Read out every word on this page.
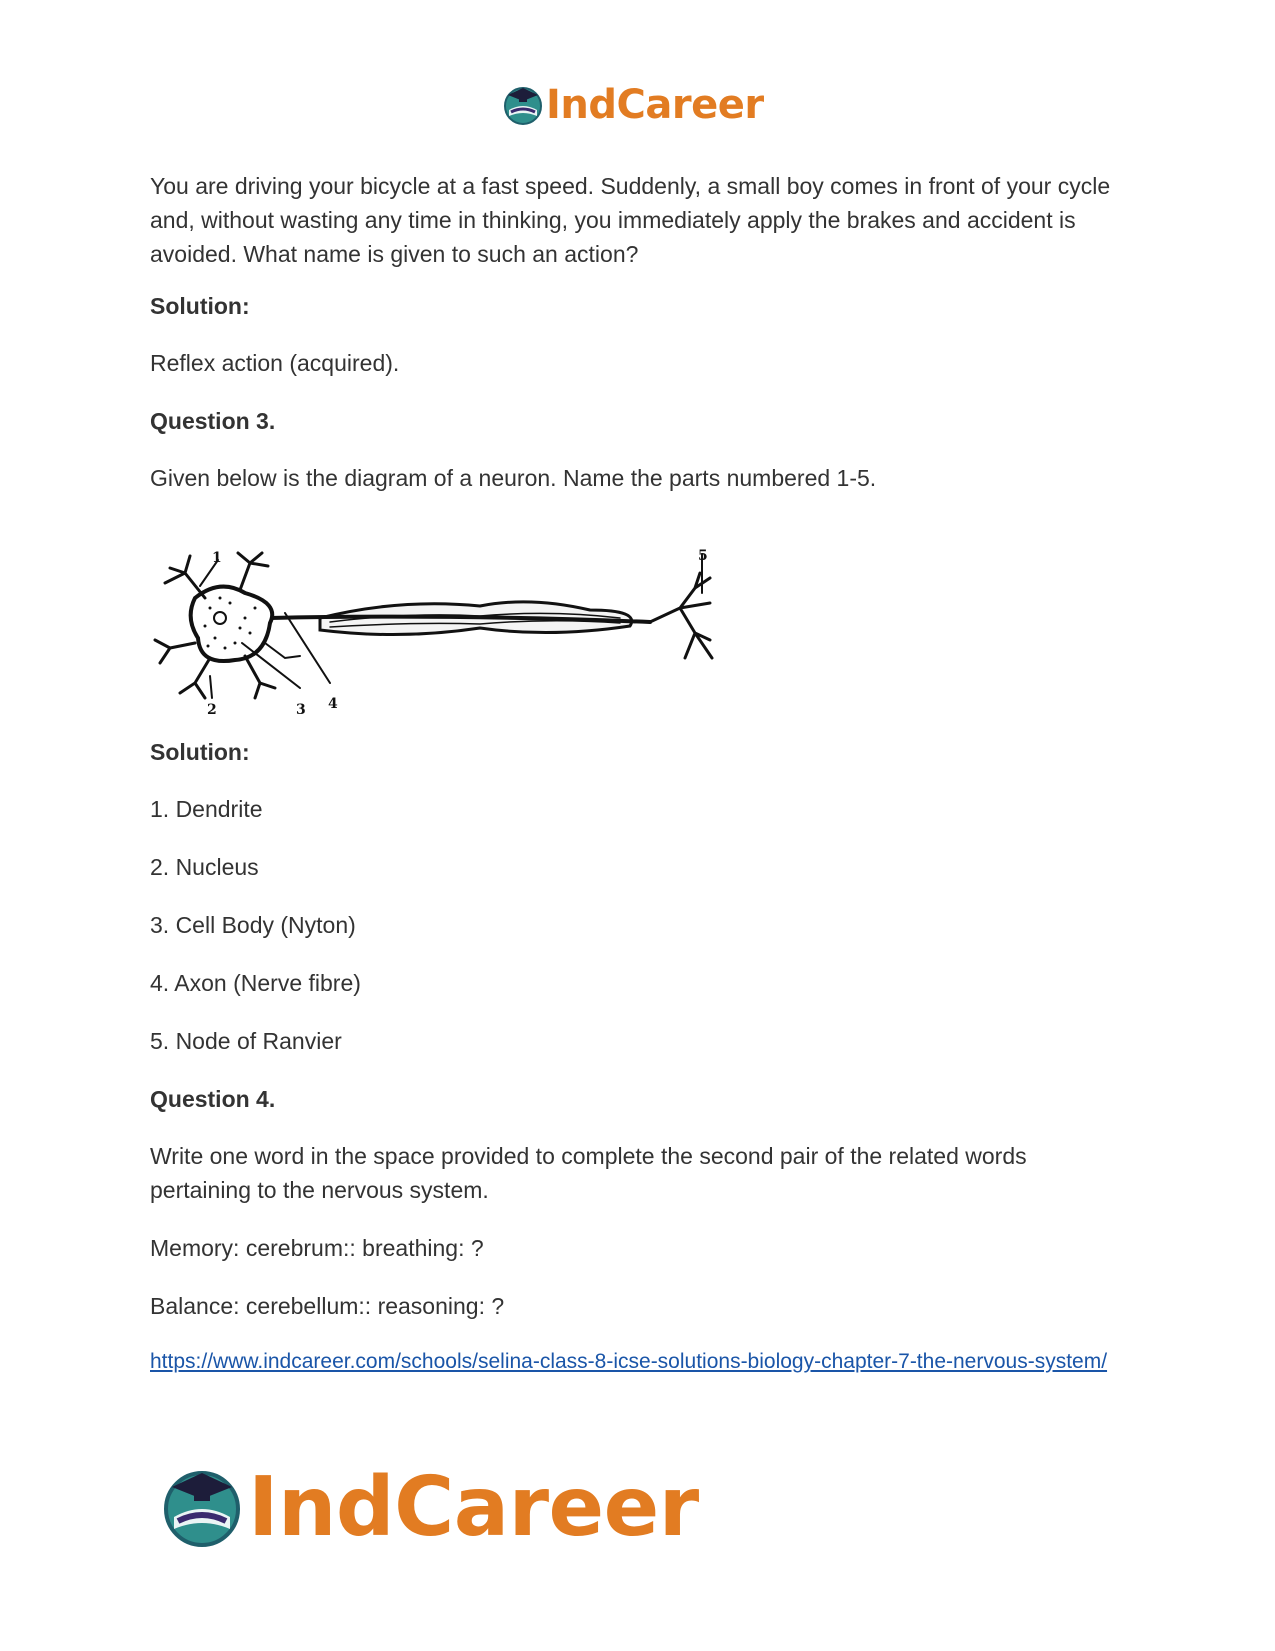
IndCareer

You are driving your bicycle at a fast speed. Suddenly, a small boy comes in front of your cycle and, without wasting any time in thinking, you immediately apply the brakes and accident is avoided. What name is given to such an action?

Solution:

Reflex action (acquired).

Question 3.

Given below is the diagram of a neuron. Name the parts numbered 1-5.

1
2	3 4
5

Solution:

1. Dendrite

2. Nucleus

3. Cell Body (Nyton)

4. Axon (Nerve fibre)

5. Node of Ranvier

Question 4.

Write one word in the space provided to complete the second pair of the related words pertaining to the nervous system.

Memory: cerebrum:: breathing: ?

Balance: cerebellum:: reasoning: ?

https://www.indcareer.com/schools/selina-class-8-icse-solutions-biology-chapter-7-the-nervous-system/

IndCareer
